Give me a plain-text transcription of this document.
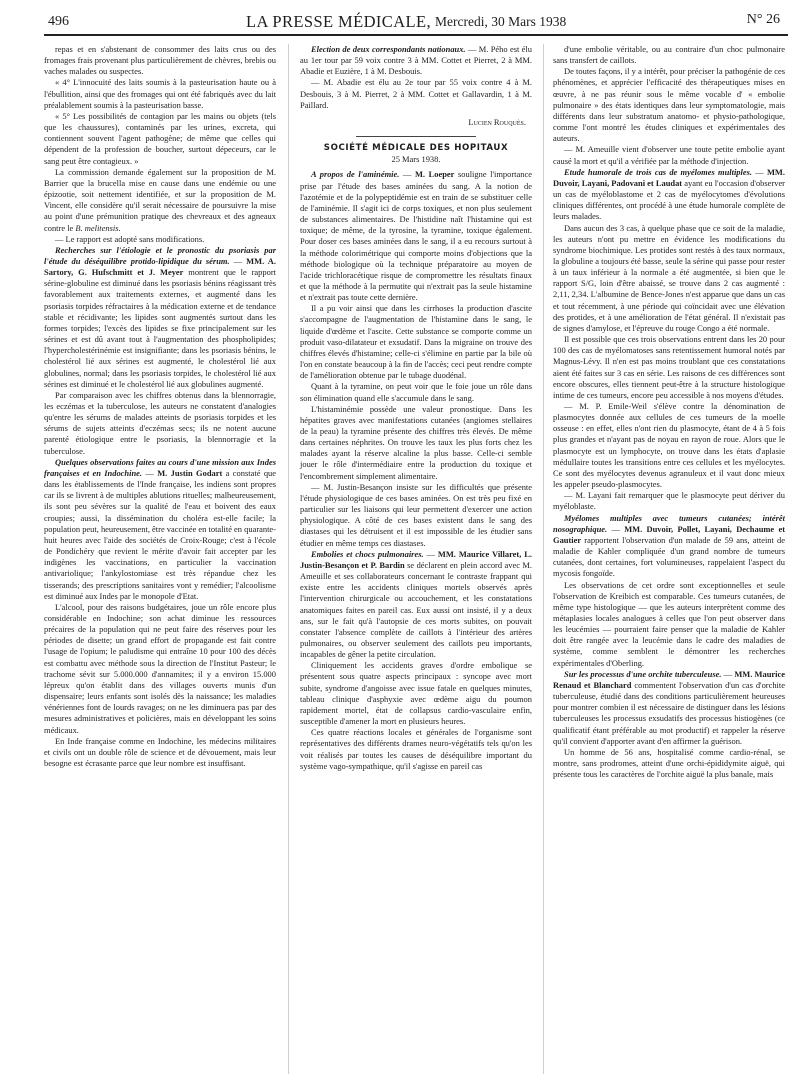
496	LA PRESSE MÉDICALE, Mercredi, 30 Mars 1938	N° 26

repas et en s'abstenant de consommer des laits crus ou des fromages frais provenant plus particulièrement de chèvres, brebis ou vaches malades ou suspectes.

« 4° L'innocuité des laits soumis à la pasteurisation haute ou à l'ébullition, ainsi que des fromages qui ont été fabriqués avec du lait préalablement soumis à la pasteurisation basse.

« 5° Les possibilités de contagion par les mains ou objets (tels que les chaussures), contaminés par les urines, excreta, qui contiennent souvent l'agent pathogène; de même que celles qui dépendent de la profession de boucher, surtout dépeceurs, car le sang peut être contagieux. »

La commission demande également sur la proposition de M. Barrier que la brucella mise en cause dans une endémie ou une épizootie, soit nettement identifiée, et sur la proposition de M. Vincent, elle considère qu'il serait nécessaire de poursuivre la mise au point d'une prémunition pratique des chevreaux et des agneaux contre le B. melitensis.

— Le rapport est adopté sans modifications.

Recherches sur l'étiologie et le pronostic du psoriasis par l'étude du déséquilibre protido-lipidique du sérum. — MM. A. Sartory, G. Hufschmitt et J. Meyer montrent que le rapport sérine-globuline est diminué dans les psoriasis bénins réagissant très favorablement aux traitements externes, et augmenté dans les psoriasis torpides réfractaires à la médication externe et de tendance stable et récidivante; les lipides sont augmentés surtout dans les formes torpides; l'excès des lipides se fixe principalement sur les sérines et est dû avant tout à l'augmentation des phospholipides; l'hypercholestérinémie est insignifiante; dans les psoriasis bénins, le cholestérol lié aux sérines est augmenté, le cholestérol lié aux globulines, normal; dans les psoriasis torpides, le cholestérol lié aux sérines est diminué et le cholestérol lié aux globulines augmenté.

Par comparaison avec les chiffres obtenus dans la blennorragie, les eczémas et la tuberculose, les auteurs ne constatent d'analogies qu'entre les sérums de malades atteints de psoriasis torpides et les sérums de sujets atteints d'eczémas secs; ils ne notent aucune parenté étiologique entre le psoriasis, la blennorragie et la tuberculose.

Quelques observations faites au cours d'une mission aux Indes françaises et en Indochine. — M. Justin Godart a constaté que dans les établissements de l'Inde française, les indiens sont propres car ils se livrent à de multiples ablutions rituelles; malheureusement, ils sont peu sévères sur la qualité de l'eau et boivent des eaux croupies; aussi, la dissémination du choléra est-elle facile; la population peut, heureusement, être vaccinée en totalité en quarante-huit heures avec l'aide des sociétés de Croix-Rouge; c'est à l'école de Pondichéry que revient le mérite d'avoir fait accepter par les indigènes les vaccinations, en particulier la vaccination antivariolique; l'ankylostomiase est très répandue chez les tisserands; des prescriptions sanitaires vont y remédier; l'alcoolisme est diminué aux Indes par le monopole d'Etat.

L'alcool, pour des raisons budgétaires, joue un rôle encore plus considérable en Indochine; son achat diminue les ressources précaires de la population qui ne peut faire des réserves pour les périodes de disette; un grand effort de propagande est fait contre l'usage de l'opium; le paludisme qui entraîne 10 pour 100 des décès est combattu avec méthode sous la direction de l'Institut Pasteur; le trachome sévit sur 5.000.000 d'annamites; il y a environ 15.000 lépreux qu'on établit dans des villages ouverts munis d'un dispensaire; leurs enfants sont isolés dès la naissance; les maladies vénériennes font de lourds ravages; on ne les diminuera pas par des mesures administratives et policières, mais en développant les soins médicaux.

En Inde française comme en Indochine, les médecins militaires et civils ont un double rôle de science et de dévouement, mais leur besogne est écrasante parce que leur nombre est insuffisant.

Election de deux correspondants nationaux. — M. Pého est élu au 1er tour par 59 voix contre 3 à MM. Cottet et Pierret, 2 à MM. Abadie et Euzière, 1 à M. Desbouis.

— M. Abadie est élu au 2e tour par 55 voix contre 4 à M. Desbouis, 3 à M. Pierret, 2 à MM. Cottet et Gallavardin, 1 à M. Paillard.

Lucien Rouquès.

SOCIÉTÉ MÉDICALE DES HOPITAUX

25 Mars 1938.

A propos de l'aminémie. — M. Loeper souligne l'importance prise par l'étude des bases aminées du sang. A la notion de l'azotémie et de la polypeptidémie est en train de se substituer celle de l'aminémie. Il s'agit ici de corps toxiques, et non plus seulement de substances alimentaires. De l'histidine naît l'histamine qui est toxique; de même, de la tyrosine, la tyramine, toxique également. Pour doser ces bases aminées dans le sang, il a eu recours surtout à la méthode colorimétrique qui comporte moins d'objections que la méthode biologique où la technique préparatoire au moyen de l'acide trichloracétique risque de compromettre les résultats finaux et que la méthode à la permutite qui n'extrait pas la seule histamine et n'extrait pas toute cette dernière.

Il a pu voir ainsi que dans les cirrhoses la production d'ascite s'accompagne de l'augmentation de l'histamine dans le sang, le liquide d'œdème et l'ascite. Cette substance se comporte comme un produit vaso-dilatateur et exsudatif. Dans la migraine on trouve des chiffres élevés d'histamine; celle-ci s'élimine en partie par la bile où l'on en constate beaucoup à la fin de l'accès; ceci peut rendre compte de l'amélioration obtenue par le tubage duodénal.

Quant à la tyramine, on peut voir que le foie joue un rôle dans son élimination quand elle s'accumule dans le sang.

L'histaminémie possède une valeur pronostique. Dans les hépatites graves avec manifestations cutanées (angiomes stellaires de la peau) la tyramine présente des chiffres très élevés. De même dans certaines néphrites. On trouve les taux les plus forts chez les malades ayant la réserve alcaline la plus basse. Celle-ci semble jouer le rôle d'intermédiaire entre la production du toxique et l'encombrement simplement alimentaire.

— M. Justin-Besançon insiste sur les difficultés que présente l'étude physiologique de ces bases aminées. On est très peu fixé en particulier sur les liaisons qui leur permettent d'exercer une action physiologique. A côté de ces bases existent dans le sang des diastases qui les détruisent et il est impossible de les étudier sans étudier en même temps ces diastases.

Embolies et chocs pulmonaires. — MM. Maurice Villaret, L. Justin-Besançon et P. Bardin se déclarent en plein accord avec M. Ameuille et ses collaborateurs concernant le contraste frappant qui existe entre les accidents cliniques mortels observés après l'intervention chirurgicale ou accouchement, et les constatations anatomiques faites en pareil cas. Eux aussi ont insisté, il y a deux ans, sur le fait qu'à l'autopsie de ces morts subites, on pouvait constater l'absence complète de caillots à l'intérieur des artères pulmonaires, ou observer seulement des caillots peu importants, incapables de gêner la petite circulation.

Cliniquement les accidents graves d'ordre embolique se présentent sous quatre aspects principaux : syncope avec mort subite, syndrome d'angoisse avec issue fatale en quelques minutes, tableau clinique d'asphyxie avec œdème aigu du poumon rapidement mortel, état de collapsus cardio-vasculaire enfin, susceptible d'amener la mort en plusieurs heures.

Ces quatre réactions locales et générales de l'organisme sont représentatives des différents drames neuro-végétatifs tels qu'on les voit réalisés par toutes les causes de déséquilibre important du système vago-sympathique, qu'il s'agisse en pareil cas

d'une embolie véritable, ou au contraire d'un choc pulmonaire sans transfert de caillots.

De toutes façons, il y a intérêt, pour préciser la pathogénie de ces phénomènes, et apprécier l'efficacité des thérapeutiques mises en œuvre, à ne pas réunir sous le même vocable d' « embolie pulmonaire » des états identiques dans leur symptomatologie, mais différents dans leur substratum anatomo- et physio-pathologique, comme l'ont montré les études cliniques et expérimentales des auteurs.

— M. Ameuille vient d'observer une toute petite embolie ayant causé la mort et qu'il a vérifiée par la méthode d'injection.

Etude humorale de trois cas de myélomes multiples. — MM. Duvoir, Layani, Padovani et Laudat ayant eu l'occasion d'observer un cas de myéloblastome et 2 cas de myélocytomes d'évolutions cliniques différentes, ont procédé à une étude humorale complète de leurs malades.

Dans aucun des 3 cas, à quelque phase que ce soit de la maladie, les auteurs n'ont pu mettre en évidence les modifications du syndrome biochimique. Les protides sont restés à des taux normaux, la globuline a toujours été basse, seule la sérine qui passe pour rester à un taux inférieur à la normale a été augmentée, si bien que le rapport S/G, loin d'être abaissé, se trouve dans 2 cas augmenté : 2,11, 2,34. L'albumine de Bence-Jones n'est apparue que dans un cas et tout récemment, à une période qui coïncidait avec une élévation des protides, et à une amélioration de l'état général. Il n'existait pas de signes d'amylose, et l'épreuve du rouge Congo a été normale.

Il est possible que ces trois observations entrent dans les 20 pour 100 des cas de myélomatoses sans retentissement humoral notés par Magnus-Lévy. Il n'en est pas moins troublant que ces constatations aient été faites sur 3 cas en série. Les raisons de ces différences sont encore obscures, elles tiennent peut-être à la structure histologique intime de ces tumeurs, encore peu accessible à nos moyens d'études.

— M. P. Emile-Weil s'élève contre la dénomination de plasmocytes donnée aux cellules de ces tumeurs de la moelle osseuse : en effet, elles n'ont rien du plasmocyte, étant de 4 à 5 fois plus grandes et n'ayant pas de noyau en rayon de roue. Alors que le plasmocyte est un lymphocyte, on trouve dans les états d'aplasie médullaire toutes les transitions entre ces cellules et les myélocytes. Ce sont des myélocytes devenus agranuleux et il vaut donc mieux les appeler pseudo-plasmocytes.

— M. Layani fait remarquer que le plasmocyte peut dériver du myéloblaste.

Myélomes multiples avec tumeurs cutanées; intérêt nosographique. — MM. Duvoir, Pollet, Layani, Dechaume et Gautier rapportent l'observation d'un malade de 59 ans, atteint de maladie de Kahler compliquée d'un grand nombre de tumeurs cutanées, dont certaines, fort volumineuses, rappelaient l'aspect du mycosis fongoïde.

Les observations de cet ordre sont exceptionnelles et seule l'observation de Kreibich est comparable. Ces tumeurs cutanées, de même type histologique — que les auteurs interprètent comme des métaplasies locales analogues à celles que l'on peut observer dans les leucémies — pourraient faire penser que la maladie de Kahler doit être rangée avec la leucémie dans le cadre des maladies de système, comme semblent le démontrer les recherches expérimentales d'Oberling.

Sur les processus d'une orchite tuberculeuse. — MM. Maurice Renaud et Blanchard commentent l'observation d'un cas d'orchite tuberculeuse, étudié dans des conditions particulièrement heureuses pour montrer combien il est nécessaire de distinguer dans les lésions tuberculeuses les processus exsudatifs des processus histiogènes (ce qualificatif étant préférable au mot productif) et rappeler la réserve qu'il convient d'apporter avant d'en affirmer la guérison.

Un homme de 56 ans, hospitalisé comme cardio-rénal, se montre, sans prodromes, atteint d'une orchi-épididymite aiguë, qui présente tous les caractères de l'orchite aiguë la plus banale, mais
